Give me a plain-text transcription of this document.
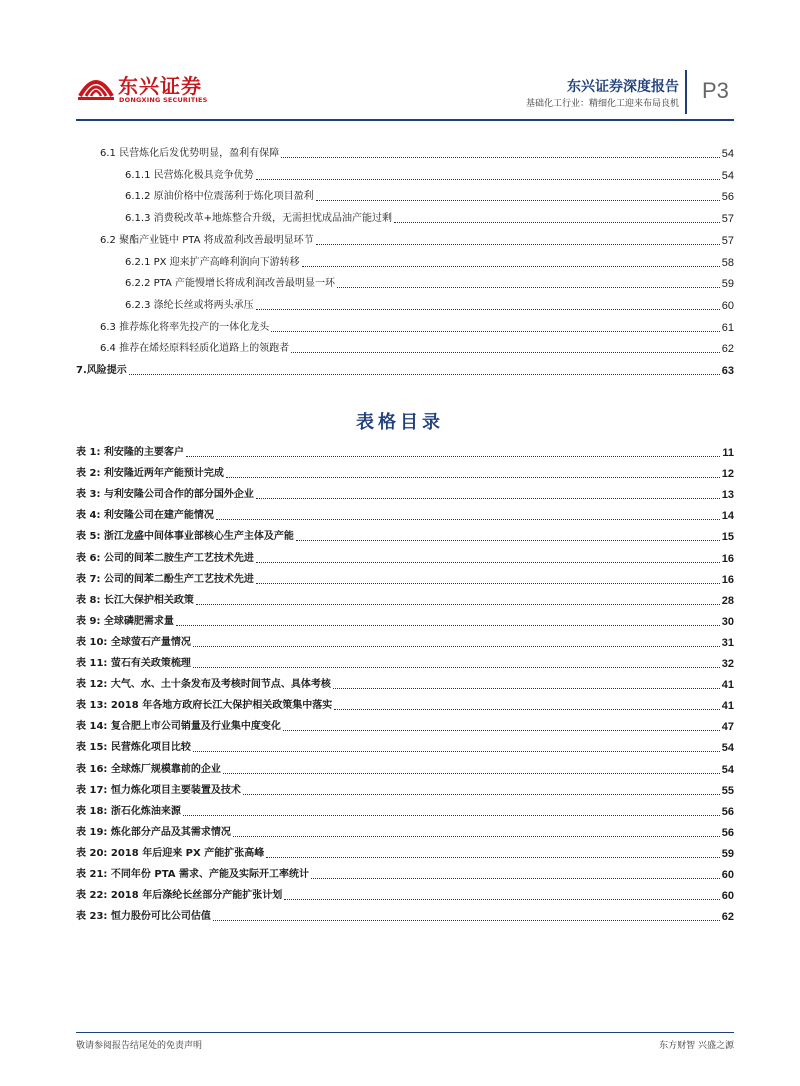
东兴证券
DONGXING SECURITIES
东兴证券深度报告
基础化工行业：精细化工迎来布局良机
P3
6.1 民营炼化后发优势明显，盈利有保障	54
6.1.1 民营炼化极具竞争优势	54
6.1.2 原油价格中位震荡利于炼化项目盈利	56
6.1.3 消费税改革+地炼整合升级，无需担忧成品油产能过剩	57
6.2 聚酯产业链中 PTA 将成盈利改善最明显环节	57
6.2.1 PX 迎来扩产高峰利润向下游转移	58
6.2.2 PTA 产能慢增长将成利润改善最明显一环	59
6.2.3 涤纶长丝或将两头承压	60
6.3 推荐炼化将率先投产的一体化龙头	61
6.4 推荐在烯烃原料轻质化道路上的领跑者	62
7.风险提示	63
表格目录
表 1: 利安隆的主要客户	11
表 2: 利安隆近两年产能预计完成	12
表 3: 与利安隆公司合作的部分国外企业	13
表 4: 利安隆公司在建产能情况	14
表 5: 浙江龙盛中间体事业部核心生产主体及产能	15
表 6: 公司的间苯二胺生产工艺技术先进	16
表 7: 公司的间苯二酚生产工艺技术先进	16
表 8: 长江大保护相关政策	28
表 9: 全球磷肥需求量	30
表 10: 全球萤石产量情况	31
表 11: 萤石有关政策梳理	32
表 12: 大气、水、土十条发布及考核时间节点、具体考核	41
表 13: 2018 年各地方政府长江大保护相关政策集中落实	41
表 14: 复合肥上市公司销量及行业集中度变化	47
表 15: 民营炼化项目比较	54
表 16: 全球炼厂规模靠前的企业	54
表 17: 恒力炼化项目主要装置及技术	55
表 18: 浙石化炼油来源	56
表 19: 炼化部分产品及其需求情况	56
表 20: 2018 年后迎来 PX 产能扩张高峰	59
表 21: 不同年份 PTA 需求、产能及实际开工率统计	60
表 22: 2018 年后涤纶长丝部分产能扩张计划	60
表 23: 恒力股份可比公司估值	62
敬请参阅报告结尾处的免责声明	东方财智 兴盛之源
